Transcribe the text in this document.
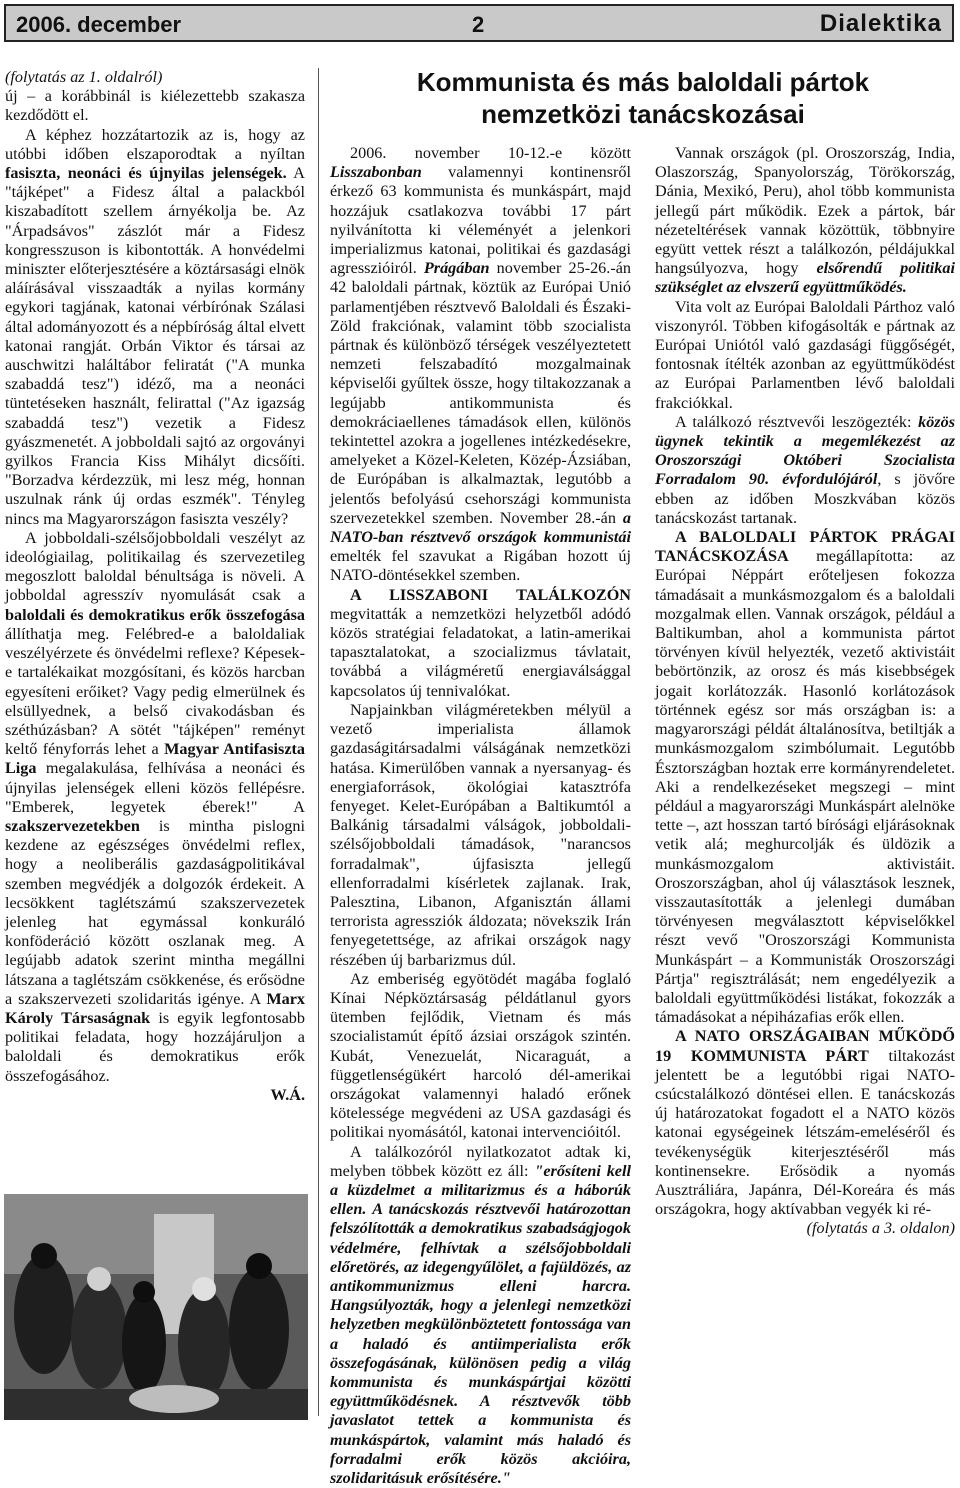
2006. december	2	Dialektika

(folytatás az 1. oldalról)

új – a korábbinál is kiélezettebb szakasza kezdődött el.

A képhez hozzátartozik az is, hogy az utóbbi időben elszaporodtak a nyíltan fasiszta, neonáci és újnyilas jelenségek. A "tájképet" a Fidesz által a palackból kiszabadított szellem árnyékolja be. Az "Árpadsávos" zászlót már a Fidesz kongresszuson is kibontották. A honvédelmi miniszter előterjesztésére a köztársasági elnök aláírásával visszaadták a nyilas kormány egykori tagjának, katonai vérbírónak Szálasi által adományozott és a népbíróság által elvett katonai rangját. Orbán Viktor és társai az auschwitzi haláltábor feliratát ("A munka szabaddá tesz") idéző, ma a neonáci tüntetéseken használt, felirattal ("Az igazság szabaddá tesz") vezetik a Fidesz gyászmenetét. A jobboldali sajtó az orgoványi gyilkos Francia Kiss Mihályt dicsőíti. "Borzadva kérdezzük, mi lesz még, honnan uszulnak ránk új ordas eszmék". Tényleg nincs ma Magyarországon fasiszta veszély?

A jobboldali-szélsőjobboldali veszélyt az ideológiailag, politikailag és szervezetileg megoszlott baloldal bénultsága is növeli. A jobboldal agresszív nyomulását csak a baloldali és demokratikus erők összefogása állíthatja meg. Felébred-e a baloldaliak veszélyérzete és önvédelmi reflexe? Képesek-e tartalékaikat mozgósítani, és közös harcban egyesíteni erőiket? Vagy pedig elmerülnek és elsüllyednek, a belső civakodásban és széthúzásban? A sötét "tájképen" reményt keltő fényforrás lehet a Magyar Antifasiszta Liga megalakulása, felhívása a neonáci és újnyilas jelenségek elleni közös fellépésre. "Emberek, legyetek éberek!" A szakszervezetekben is mintha pislogni kezdene az egészséges önvédelmi reflex, hogy a neoliberális gazdaságpolitikával szemben megvédjék a dolgozók érdekeit. A lecsökkent taglétszámú szakszervezetek jelenleg hat egymással konkuráló konföderáció között oszlanak meg. A legújabb adatok szerint mintha megállni látszana a taglétszám csökkenése, és erősödne a szakszervezeti szolidaritás igénye. A Marx Károly Társaságnak is egyik legfontosabb politikai feladata, hogy hozzájáruljon a baloldali és demokratikus erők összefogásához.

W.Á.
Kommunista és más baloldali pártok
nemzetközi tanácskozásai

2006. november 10-12.-e között Lisszabonban valamennyi kontinensről érkező 63 kommunista és munkáspárt, majd hozzájuk csatlakozva további 17 párt nyilvánította ki véleményét a jelenkori imperializmus katonai, politikai és gazdasági agresszióiról. Prágában november 25-26.-án 42 baloldali pártnak, köztük az Európai Unió parlamentjében résztvevő Baloldali és Északi-Zöld frakciónak, valamint több szocialista pártnak és különböző térségek veszélyeztetett nemzeti felszabadító mozgalmainak képviselői gyűltek össze, hogy tiltakozzanak a legújabb antikommunista és demokráciaellenes támadások ellen, különös tekintettel azokra a jogellenes intézkedésekre, amelyeket a Közel-Keleten, Közép-Ázsiában, de Európában is alkalmaztak, legutóbb a jelentős befolyású csehországi kommunista szervezetekkel szemben. November 28.-án a NATO-ban résztvevő országok kommunistái emelték fel szavukat a Rigában hozott új NATO-döntésekkel szemben.

A LISSZABONI TALÁLKOZÓN megvitatták a nemzetközi helyzetből adódó közös stratégiai feladatokat, a latin-amerikai tapasztalatokat, a szocializmus távlatait, továbbá a világméretű energiaválsággal kapcsolatos új tennivalókat.

Napjainkban világméretekben mélyül a vezető imperialista államok gazdaságitársadalmi válságának nemzetközi hatása. Kimerülőben vannak a nyersanyag- és energiaforrások, ökológiai katasztrófa fenyeget. Kelet-Európában a Baltikumtól a Balkánig társadalmi válságok, jobboldali-szélsőjobboldali támadások, "narancsos forradalmak", újfasiszta jellegű ellenforradalmi kísérletek zajlanak. Irak, Palesztina, Libanon, Afganisztán állami terrorista agressziók áldozata; növekszik Irán fenyegetettsége, az afrikai országok nagy részében új barbarizmus dúl.

Az emberiség egyötödét magába foglaló Kínai Népköztársaság példátlanul gyors ütemben fejlődik, Vietnam és más szocialistamút építő ázsiai országok szintén. Kubát, Venezuelát, Nicaraguát, a függetlenségükért harcoló dél-amerikai országokat valamennyi haladó erőnek kötelessége megvédeni az USA gazdasági és politikai nyomásától, katonai intervencióitól.

A találkozóról nyilatkozatot adtak ki, melyben többek között ez áll: "erősíteni kell a küzdelmet a militarizmus és a háborúk ellen. A tanácskozás résztvevői határozottan felszólították a demokratikus szabadságjogok védelmére, felhívtak a szélsőjobboldali előretörés, az idegengyűlölet, a fajüldözés, az antikommunizmus elleni harcra. Hangsúlyozták, hogy a jelenlegi nemzetközi helyzetben megkülönböztetett fontossága van a haladó és antiimperialista erők összefogásának, különösen pedig a világ kommunista és munkáspártjai közötti együttműködésnek. A résztvevők több javaslatot tettek a kommunista és munkáspártok, valamint más haladó és forradalmi erők közös akcióira, szolidaritásuk erősítésére."

Vannak országok (pl. Oroszország, India, Olaszország, Spanyolország, Törökország, Dánia, Mexikó, Peru), ahol több kommunista jellegű párt működik. Ezek a pártok, bár nézeteltérések vannak közöttük, többnyire együtt vettek részt a találkozón, példájukkal hangsúlyozva, hogy elsőrendű politikai szükséglet az elvszerű együttműködés.

Vita volt az Európai Baloldali Párthoz való viszonyról. Többen kifogásolták e pártnak az Európai Uniótól való gazdasági függőségét, fontosnak ítélték azonban az együttműködést az Európai Parlamentben lévő baloldali frakciókkal.

A találkozó résztvevői leszögezték: közös ügynek tekintik a megemlékezést az Oroszországi Októberi Szocialista Forradalom 90. évfordulójáról, s jövőre ebben az időben Moszkvában közös tanácskozást tartanak.

A BALOLDALI PÁRTOK PRÁGAI TANÁCSKOZÁSA megállapította: az Európai Néppárt erőteljesen fokozza támadásait a munkásmozgalom és a baloldali mozgalmak ellen. Vannak országok, például a Baltikumban, ahol a kommunista pártot törvényen kívül helyezték, vezető aktivistáit bebörtönzik, az orosz és más kisebbségek jogait korlátozzák. Hasonló korlátozások történnek egész sor más országban is: a magyarországi példát általánosítva, betiltják a munkásmozgalom szimbólumait. Legutóbb Észtországban hoztak erre kormányrendeletet. Aki a rendelkezéseket megszegi – mint például a magyarországi Munkáspárt alelnöke tette –, azt hosszan tartó bírósági eljárásoknak vetik alá; meghurcolják és üldözik a munkásmozgalom aktivistáit. Oroszországban, ahol új választások lesznek, visszautasították a jelenlegi dumában törvényesen megválasztott képviselőkkel részt vevő "Oroszországi Kommunista Munkáspárt – a Kommunisták Oroszországi Pártja" regisztrálását; nem engedélyezik a baloldali együttműködési listákat, fokozzák a támadásokat a népiházafias erők ellen.

A NATO ORSZÁGAIBAN MŰKÖDŐ 19 KOMMUNISTA PÁRT tiltakozást jelentett be a legutóbbi rigai NATO-csúcstalálkozó döntései ellen. E tanácskozás új határozatokat fogadott el a NATO közös katonai egységeinek létszám-emeléséről és tevékenységük kiterjesztéséről más kontinensekre. Erősödik a nyomás Ausztráliára, Japánra, Dél-Koreára és más országokra, hogy aktívabban vegyék ki ré-

(folytatás a 3. oldalon)
